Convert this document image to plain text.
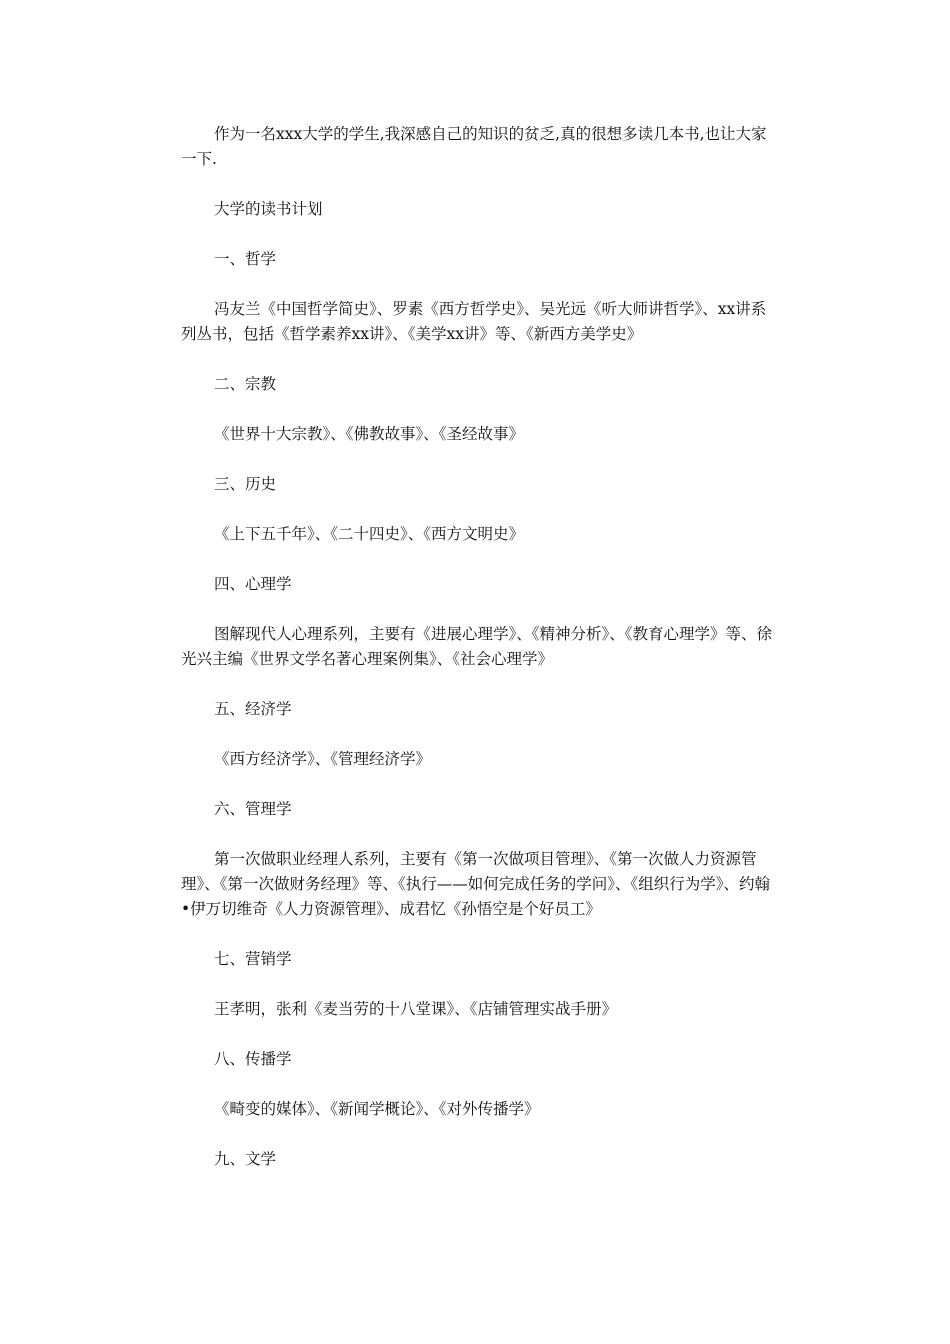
作为一名xxx大学的学生,我深感自己的知识的贫乏,真的很想多读几本书,也让大家一下.

大学的读书计划

一、哲学

冯友兰《中国哲学简史》、罗素《西方哲学史》、吴光远《听大师讲哲学》、xx讲系列丛书，包括《哲学素养xx讲》、《美学xx讲》等、《新西方美学史》

二、宗教

《世界十大宗教》、《佛教故事》、《圣经故事》

三、历史

《上下五千年》、《二十四史》、《西方文明史》

四、心理学

图解现代人心理系列，主要有《进展心理学》、《精神分析》、《教育心理学》等、徐光兴主编《世界文学名著心理案例集》、《社会心理学》

五、经济学

《西方经济学》、《管理经济学》

六、管理学

第一次做职业经理人系列，主要有《第一次做项目管理》、《第一次做人力资源管理》、《第一次做财务经理》等、《执行——如何完成任务的学问》、《组织行为学》、约翰•伊万切维奇《人力资源管理》、成君忆《孙悟空是个好员工》

七、营销学

王孝明，张利《麦当劳的十八堂课》、《店铺管理实战手册》

八、传播学

《畸变的媒体》、《新闻学概论》、《对外传播学》

九、文学
